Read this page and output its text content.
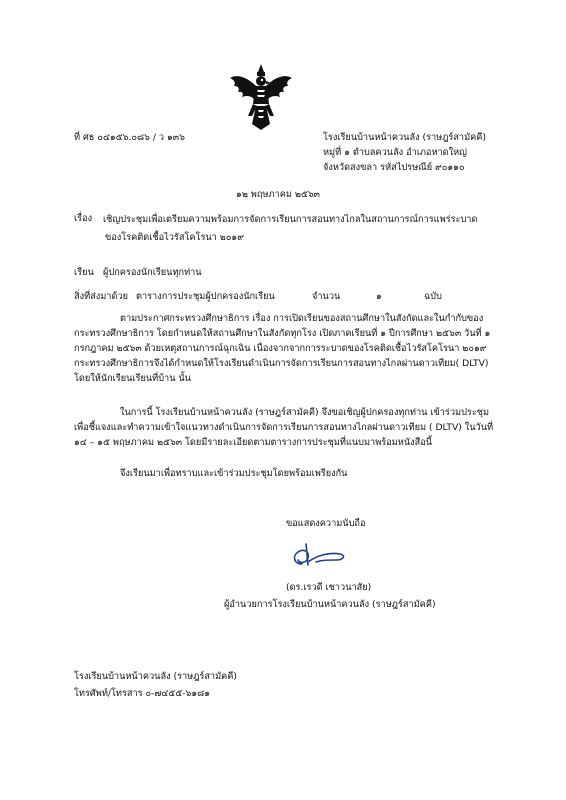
ที่ ศธ ๐๔๑๕๖.๐๘๖ / ว ๑๓๖	โรงเรียนบ้านหน้าควนลัง (ราษฎร์สามัคคี)
หมู่ที่ ๑ ตำบลควนลัง อำเภอหาดใหญ่
จังหวัดสงขลา รหัสไปรษณีย์ ๙๐๑๑๐
๑๒ พฤษภาคม ๒๕๖๓
เรื่อง เชิญประชุมเพื่อเตรียมความพร้อมการจัดการเรียนการสอนทางไกลในสถานการณ์การแพร่ระบาด
ของโรคติดเชื้อไวรัสโคโรนา ๒๐๑๙
เรียน ผู้ปกครองนักเรียนทุกท่าน
สิ่งที่ส่งมาด้วย ตารางการประชุมผู้ปกครองนักเรียน	จำนวน	๑	ฉบับ
ตามประกาศกระทรวงศึกษาธิการ เรื่อง การเปิดเรียนของสถานศึกษาในสังกัดและในกำกับของ
กระทรวงศึกษาธิการ โดยกำหนดให้สถานศึกษาในสังกัดทุกโรง เปิดภาคเรียนที่ ๑ ปีการศึกษา ๒๕๖๓ วันที่ ๑
กรกฎาคม ๒๕๖๓ ด้วยเหตุสถานการณ์ฉุกเฉิน เนื่องจากจากการระบาดของโรคติดเชื้อไวรัสโคโรนา ๒๐๑๙
กระทรวงศึกษาธิการจึงได้กำหนดให้โรงเรียนดำเนินการจัดการเรียนการสอนทางไกลผ่านดาวเทียม( DLTV)
โดยให้นักเรียนเรียนที่บ้าน นั้น
ในการนี้ โรงเรียนบ้านหน้าควนลัง (ราษฎร์สามัคคี) จึงขอเชิญผู้ปกครองทุกท่าน เข้าร่วมประชุม
เพื่อชี้แจงและทำความเข้าใจแนวทางดำเนินการจัดการเรียนการสอนทางไกลผ่านดาวเทียม ( DLTV) ในวันที่
๑๔ – ๑๕ พฤษภาคม ๒๕๖๓ โดยมีรายละเอียดตามตารางการประชุมที่แนบมาพร้อมหนังสือนี้
จึงเรียนมาเพื่อทราบและเข้าร่วมประชุมโดยพร้อมเพรียงกัน
ขอแสดงความนับถือ
(ดร.เรวดี เชาวนาสัย)
ผู้อำนวยการโรงเรียนบ้านหน้าควนลัง (ราษฎร์สามัคคี)
โรงเรียนบ้านหน้าควนลัง (ราษฎร์สามัคคี)
โทรศัพท์/โทรสาร ๐-๗๔๕๕-๖๑๘๑
